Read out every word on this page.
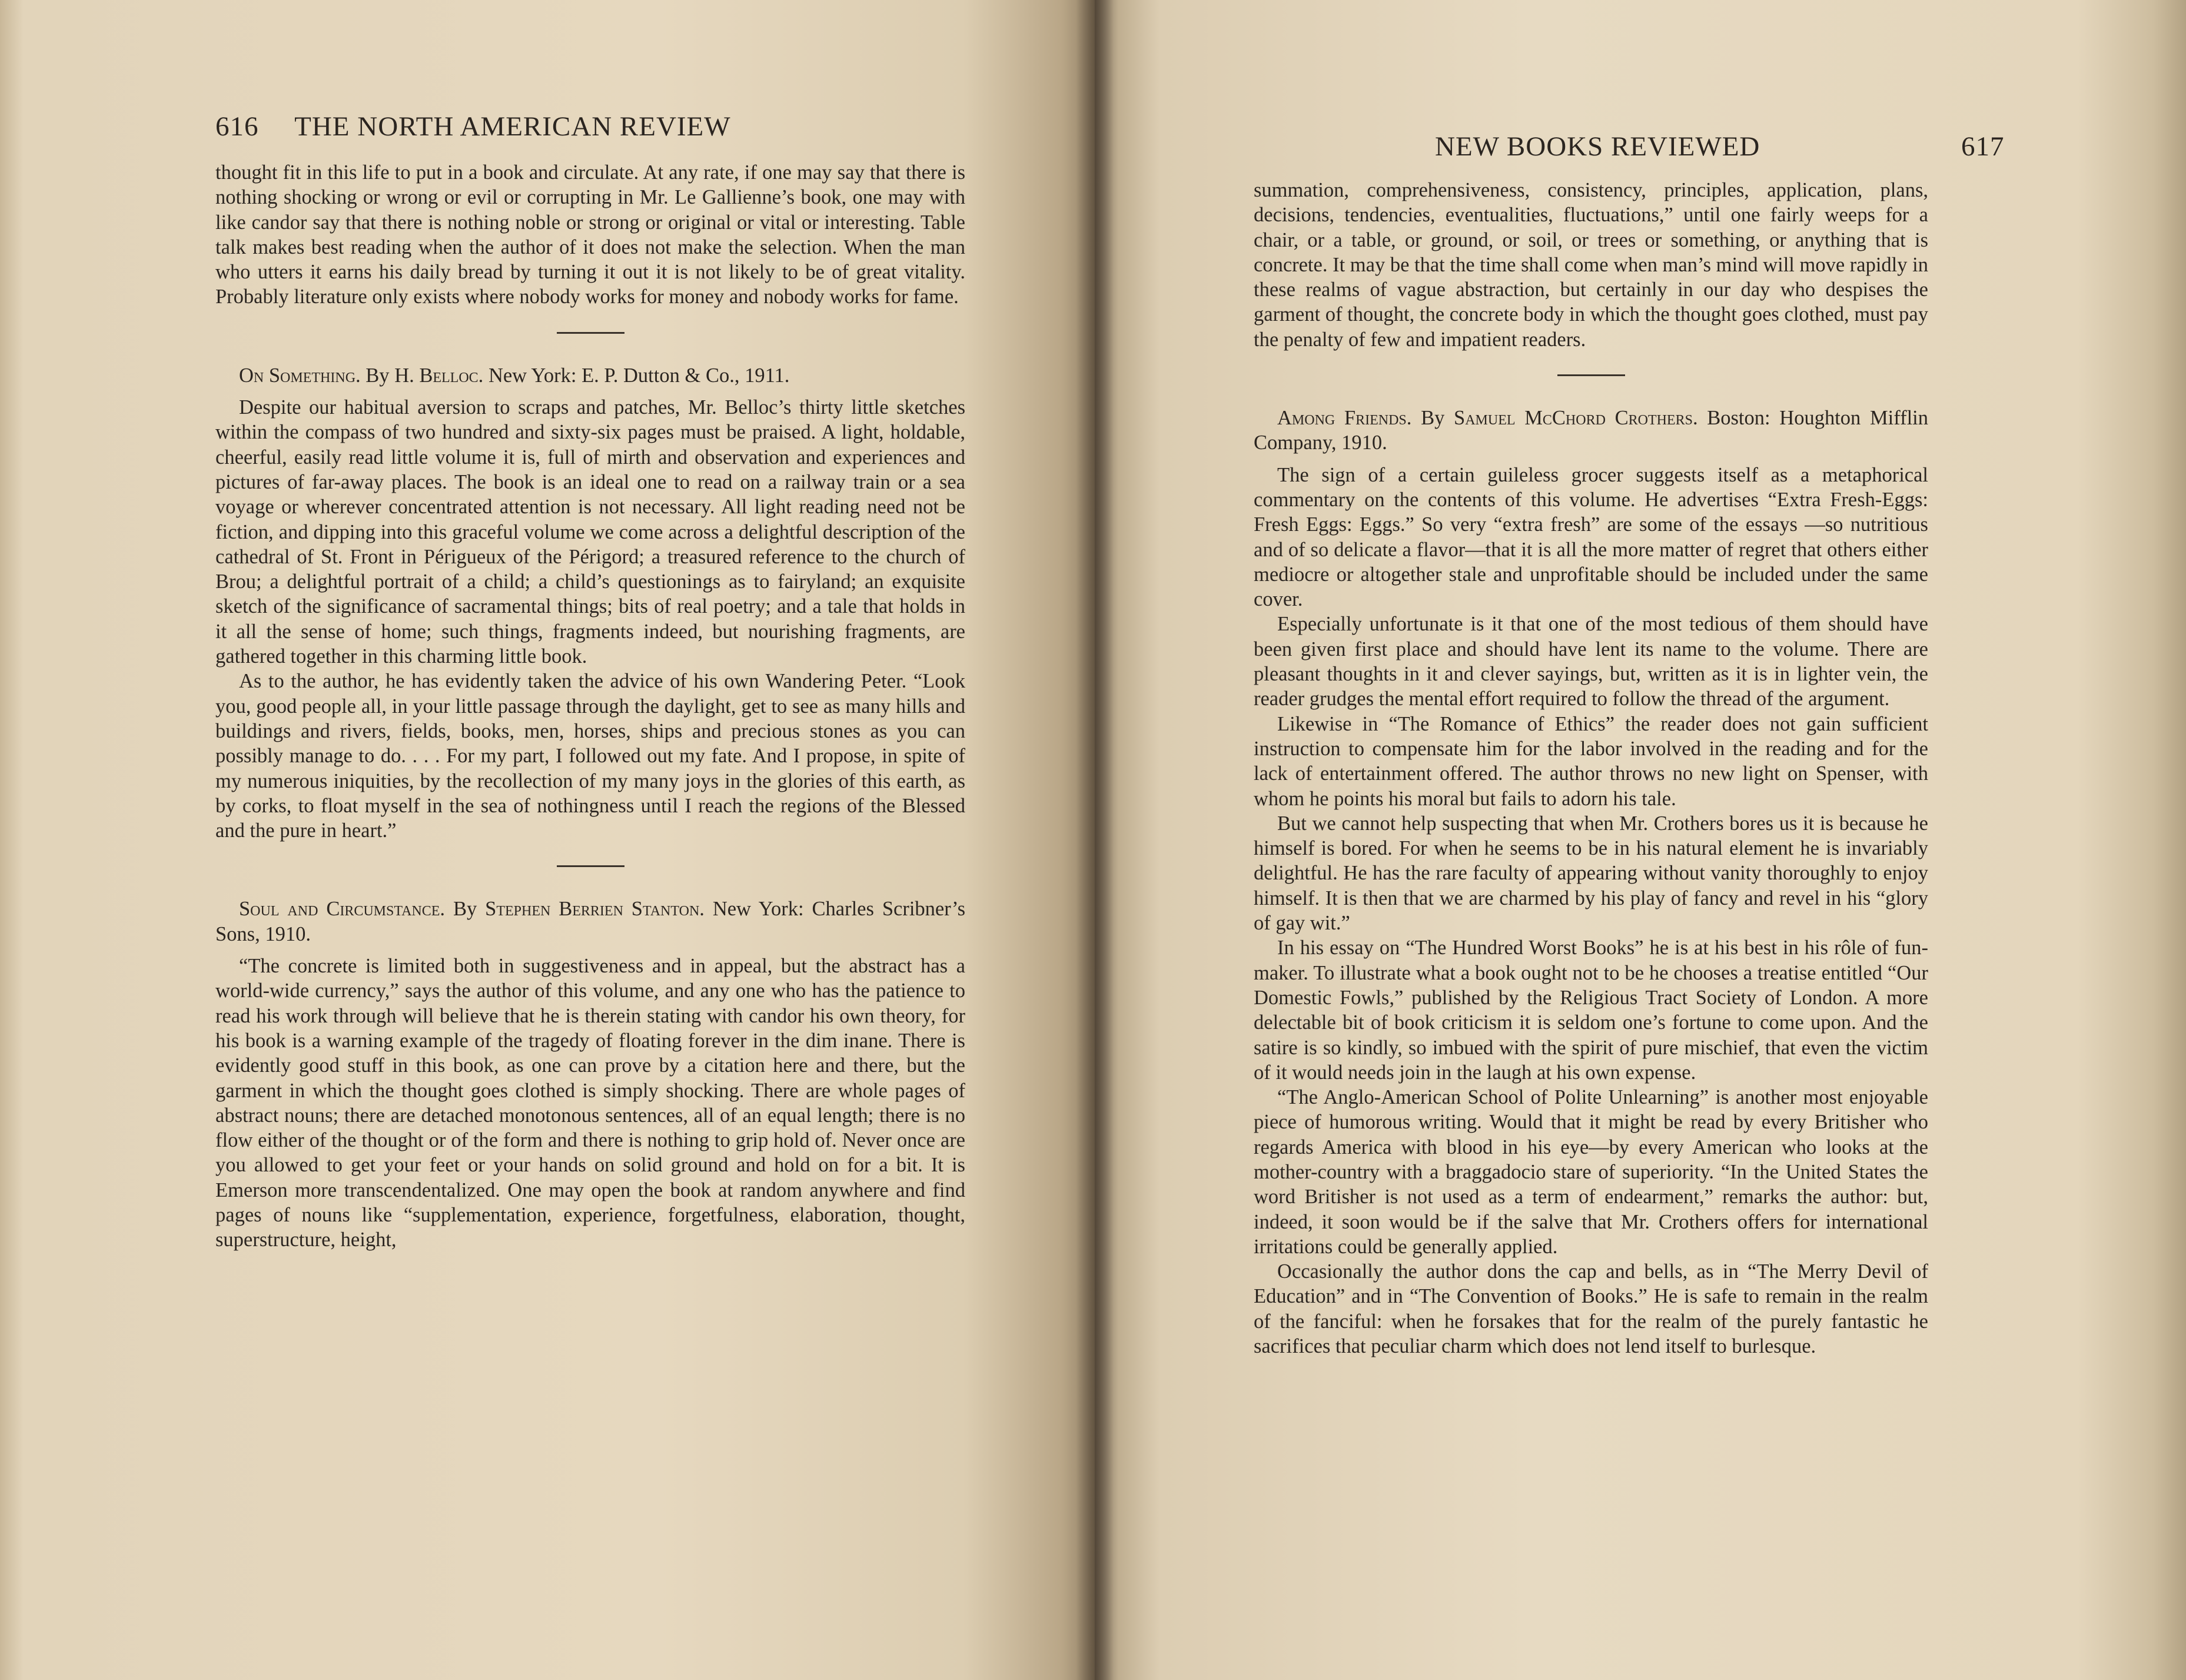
616 THE NORTH AMERICAN REVIEW

thought fit in this life to put in a book and circulate. At any rate, if one may say that there is nothing shocking or wrong or evil or corrupting in Mr. Le Gallienne’s book, one may with like candor say that there is nothing noble or strong or original or vital or interesting. Table talk makes best reading when the author of it does not make the selection. When the man who utters it earns his daily bread by turning it out it is not likely to be of great vitality. Probably literature only exists where nobody works for money and nobody works for fame.

On Something. By H. Belloc. New York: E. P. Dutton & Co., 1911.

Despite our habitual aversion to scraps and patches, Mr. Belloc’s thirty little sketches within the compass of two hundred and sixty-six pages must be praised. A light, holdable, cheerful, easily read little volume it is, full of mirth and observation and experiences and pictures of far-away places. The book is an ideal one to read on a railway train or a sea voyage or wherever concentrated attention is not necessary. All light reading need not be fiction, and dipping into this graceful volume we come across a delightful description of the cathedral of St. Front in Périgueux of the Périgord; a treasured reference to the church of Brou; a delightful portrait of a child; a child’s questionings as to fairyland; an exquisite sketch of the significance of sacramental things; bits of real poetry; and a tale that holds in it all the sense of home; such things, fragments indeed, but nourishing fragments, are gathered together in this charming little book.

As to the author, he has evidently taken the advice of his own Wandering Peter. “Look you, good people all, in your little passage through the daylight, get to see as many hills and buildings and rivers, fields, books, men, horses, ships and precious stones as you can possibly manage to do. . . . For my part, I followed out my fate. And I propose, in spite of my numerous iniquities, by the recollection of my many joys in the glories of this earth, as by corks, to float myself in the sea of nothingness until I reach the regions of the Blessed and the pure in heart.”

Soul and Circumstance. By Stephen Berrien Stanton. New York: Charles Scribner’s Sons, 1910.

“The concrete is limited both in suggestiveness and in appeal, but the abstract has a world-wide currency,” says the author of this volume, and any one who has the patience to read his work through will believe that he is therein stating with candor his own theory, for his book is a warning example of the tragedy of floating forever in the dim inane. There is evidently good stuff in this book, as one can prove by a citation here and there, but the garment in which the thought goes clothed is simply shocking. There are whole pages of abstract nouns; there are detached monotonous sentences, all of an equal length; there is no flow either of the thought or of the form and there is nothing to grip hold of. Never once are you allowed to get your feet or your hands on solid ground and hold on for a bit. It is Emerson more transcendentalized. One may open the book at random anywhere and find pages of nouns like “supplementation, experience, forgetfulness, elaboration, thought, superstructure, height,

NEW BOOKS REVIEWED	617

summation, comprehensiveness, consistency, principles, application, plans, decisions, tendencies, eventualities, fluctuations,” until one fairly weeps for a chair, or a table, or ground, or soil, or trees or something, or anything that is concrete. It may be that the time shall come when man’s mind will move rapidly in these realms of vague abstraction, but certainly in our day who despises the garment of thought, the concrete body in which the thought goes clothed, must pay the penalty of few and impatient readers.

Among Friends. By Samuel McChord Crothers. Boston: Houghton Mifflin Company, 1910.

The sign of a certain guileless grocer suggests itself as a metaphorical commentary on the contents of this volume. He advertises “Extra Fresh-Eggs: Fresh Eggs: Eggs.” So very “extra fresh” are some of the essays —so nutritious and of so delicate a flavor—that it is all the more matter of regret that others either mediocre or altogether stale and unprofitable should be included under the same cover.

Especially unfortunate is it that one of the most tedious of them should have been given first place and should have lent its name to the volume. There are pleasant thoughts in it and clever sayings, but, written as it is in lighter vein, the reader grudges the mental effort required to follow the thread of the argument.

Likewise in “The Romance of Ethics” the reader does not gain sufficient instruction to compensate him for the labor involved in the reading and for the lack of entertainment offered. The author throws no new light on Spenser, with whom he points his moral but fails to adorn his tale.

But we cannot help suspecting that when Mr. Crothers bores us it is because he himself is bored. For when he seems to be in his natural element he is invariably delightful. He has the rare faculty of appearing without vanity thoroughly to enjoy himself. It is then that we are charmed by his play of fancy and revel in his “glory of gay wit.”

In his essay on “The Hundred Worst Books” he is at his best in his rôle of fun-maker. To illustrate what a book ought not to be he chooses a treatise entitled “Our Domestic Fowls,” published by the Religious Tract Society of London. A more delectable bit of book criticism it is seldom one’s fortune to come upon. And the satire is so kindly, so imbued with the spirit of pure mischief, that even the victim of it would needs join in the laugh at his own expense.

“The Anglo-American School of Polite Unlearning” is another most enjoyable piece of humorous writing. Would that it might be read by every Britisher who regards America with blood in his eye—by every American who looks at the mother-country with a braggadocio stare of superiority. “In the United States the word Britisher is not used as a term of endearment,” remarks the author: but, indeed, it soon would be if the salve that Mr. Crothers offers for international irritations could be generally applied.

Occasionally the author dons the cap and bells, as in “The Merry Devil of Education” and in “The Convention of Books.” He is safe to remain in the realm of the fanciful: when he forsakes that for the realm of the purely fantastic he sacrifices that peculiar charm which does not lend itself to burlesque.
